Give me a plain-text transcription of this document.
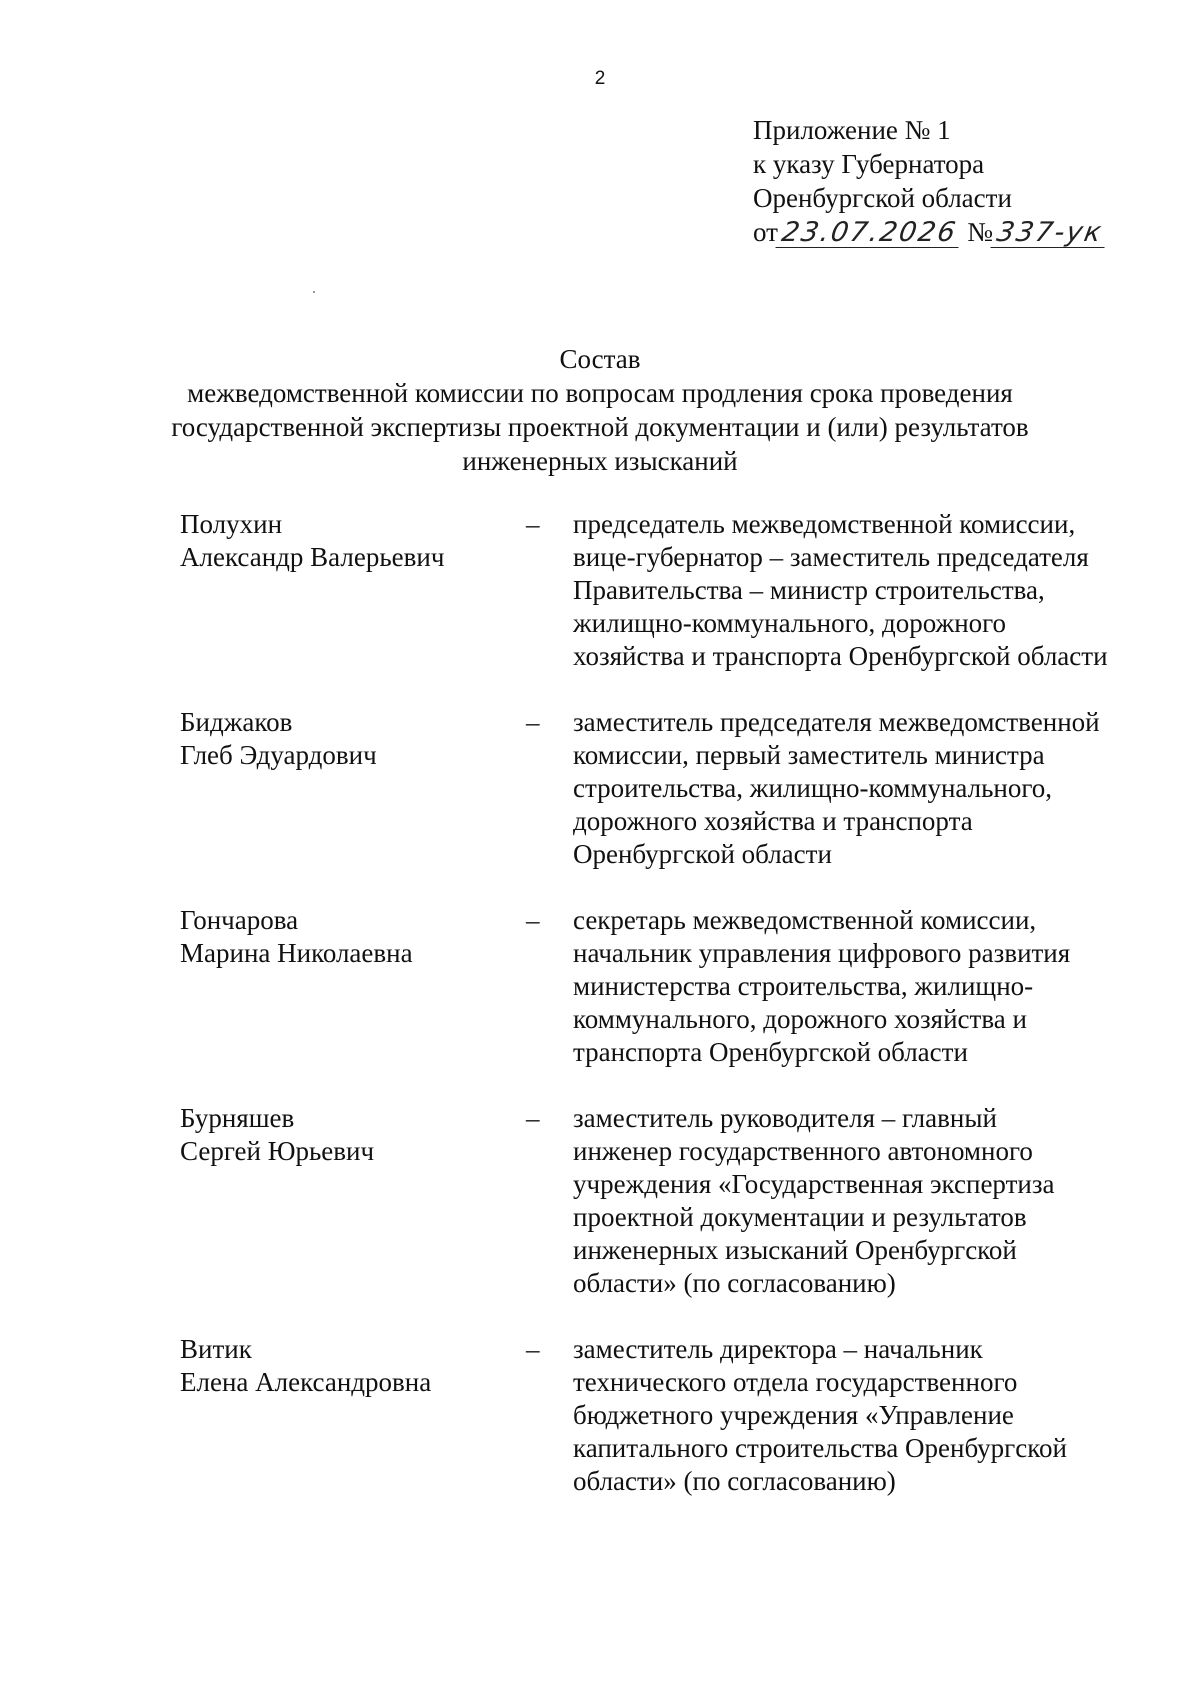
2
Приложение № 1
к указу Губернатора
Оренбургской области
от23.07.2026 №337-ук
Состав
межведомственной комиссии по вопросам продления срока проведения
государственной экспертизы проектной документации и (или) результатов
инженерных изысканий
Полухин
Александр Валерьевич
– председатель межведомственной комиссии,
вице-губернатор – заместитель председателя
Правительства – министр строительства,
жилищно-коммунального, дорожного
хозяйства и транспорта Оренбургской области
Биджаков
Глеб Эдуардович
– заместитель председателя межведомственной
комиссии, первый заместитель министра
строительства, жилищно-коммунального,
дорожного хозяйства и транспорта
Оренбургской области
Гончарова
Марина Николаевна
– секретарь межведомственной комиссии,
начальник управления цифрового развития
министерства строительства, жилищно-
коммунального, дорожного хозяйства и
транспорта Оренбургской области
Бурняшев
Сергей Юрьевич
– заместитель руководителя – главный
инженер государственного автономного
учреждения «Государственная экспертиза
проектной документации и результатов
инженерных изысканий Оренбургской
области» (по согласованию)
Витик
Елена Александровна
– заместитель директора – начальник
технического отдела государственного
бюджетного учреждения «Управление
капитального строительства Оренбургской
области» (по согласованию)
